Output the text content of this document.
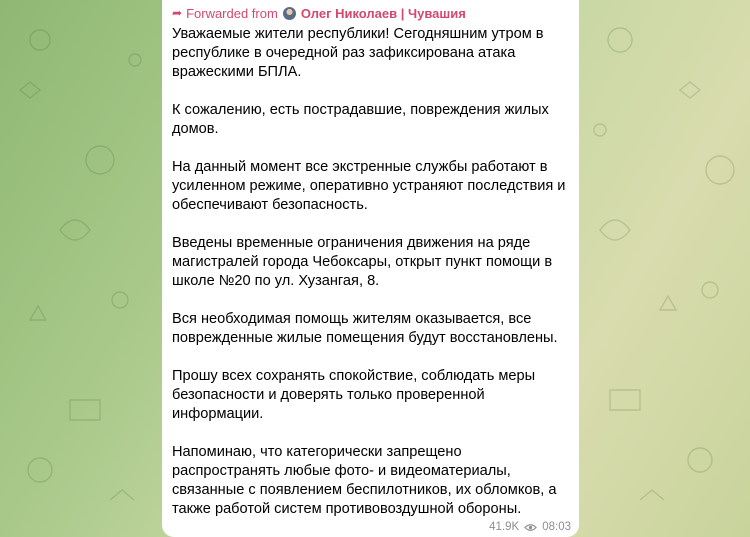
➦ Forwarded from Олег Николаев | Чувашия

Уважаемые жители республики! Сегодняшним утром в республике в очередной раз зафиксирована атака вражескими БПЛА.

К сожалению, есть пострадавшие, повреждения жилых домов.

На данный момент все экстренные службы работают в усиленном режиме, оперативно устраняют последствия и обеспечивают безопасность.

Введены временные ограничения движения на ряде магистралей города Чебоксары, открыт пункт помощи в школе №20 по ул. Хузангая, 8.

Вся необходимая помощь жителям оказывается, все поврежденные жилые помещения будут восстановлены.

Прошу всех сохранять спокойствие, соблюдать меры безопасности и доверять только проверенной информации.

Напоминаю, что категорически запрещено распространять любые фото- и видеоматериалы, связанные с появлением беспилотников, их обломков, а также работой систем противовоздушной обороны.

41.9K 08:03
